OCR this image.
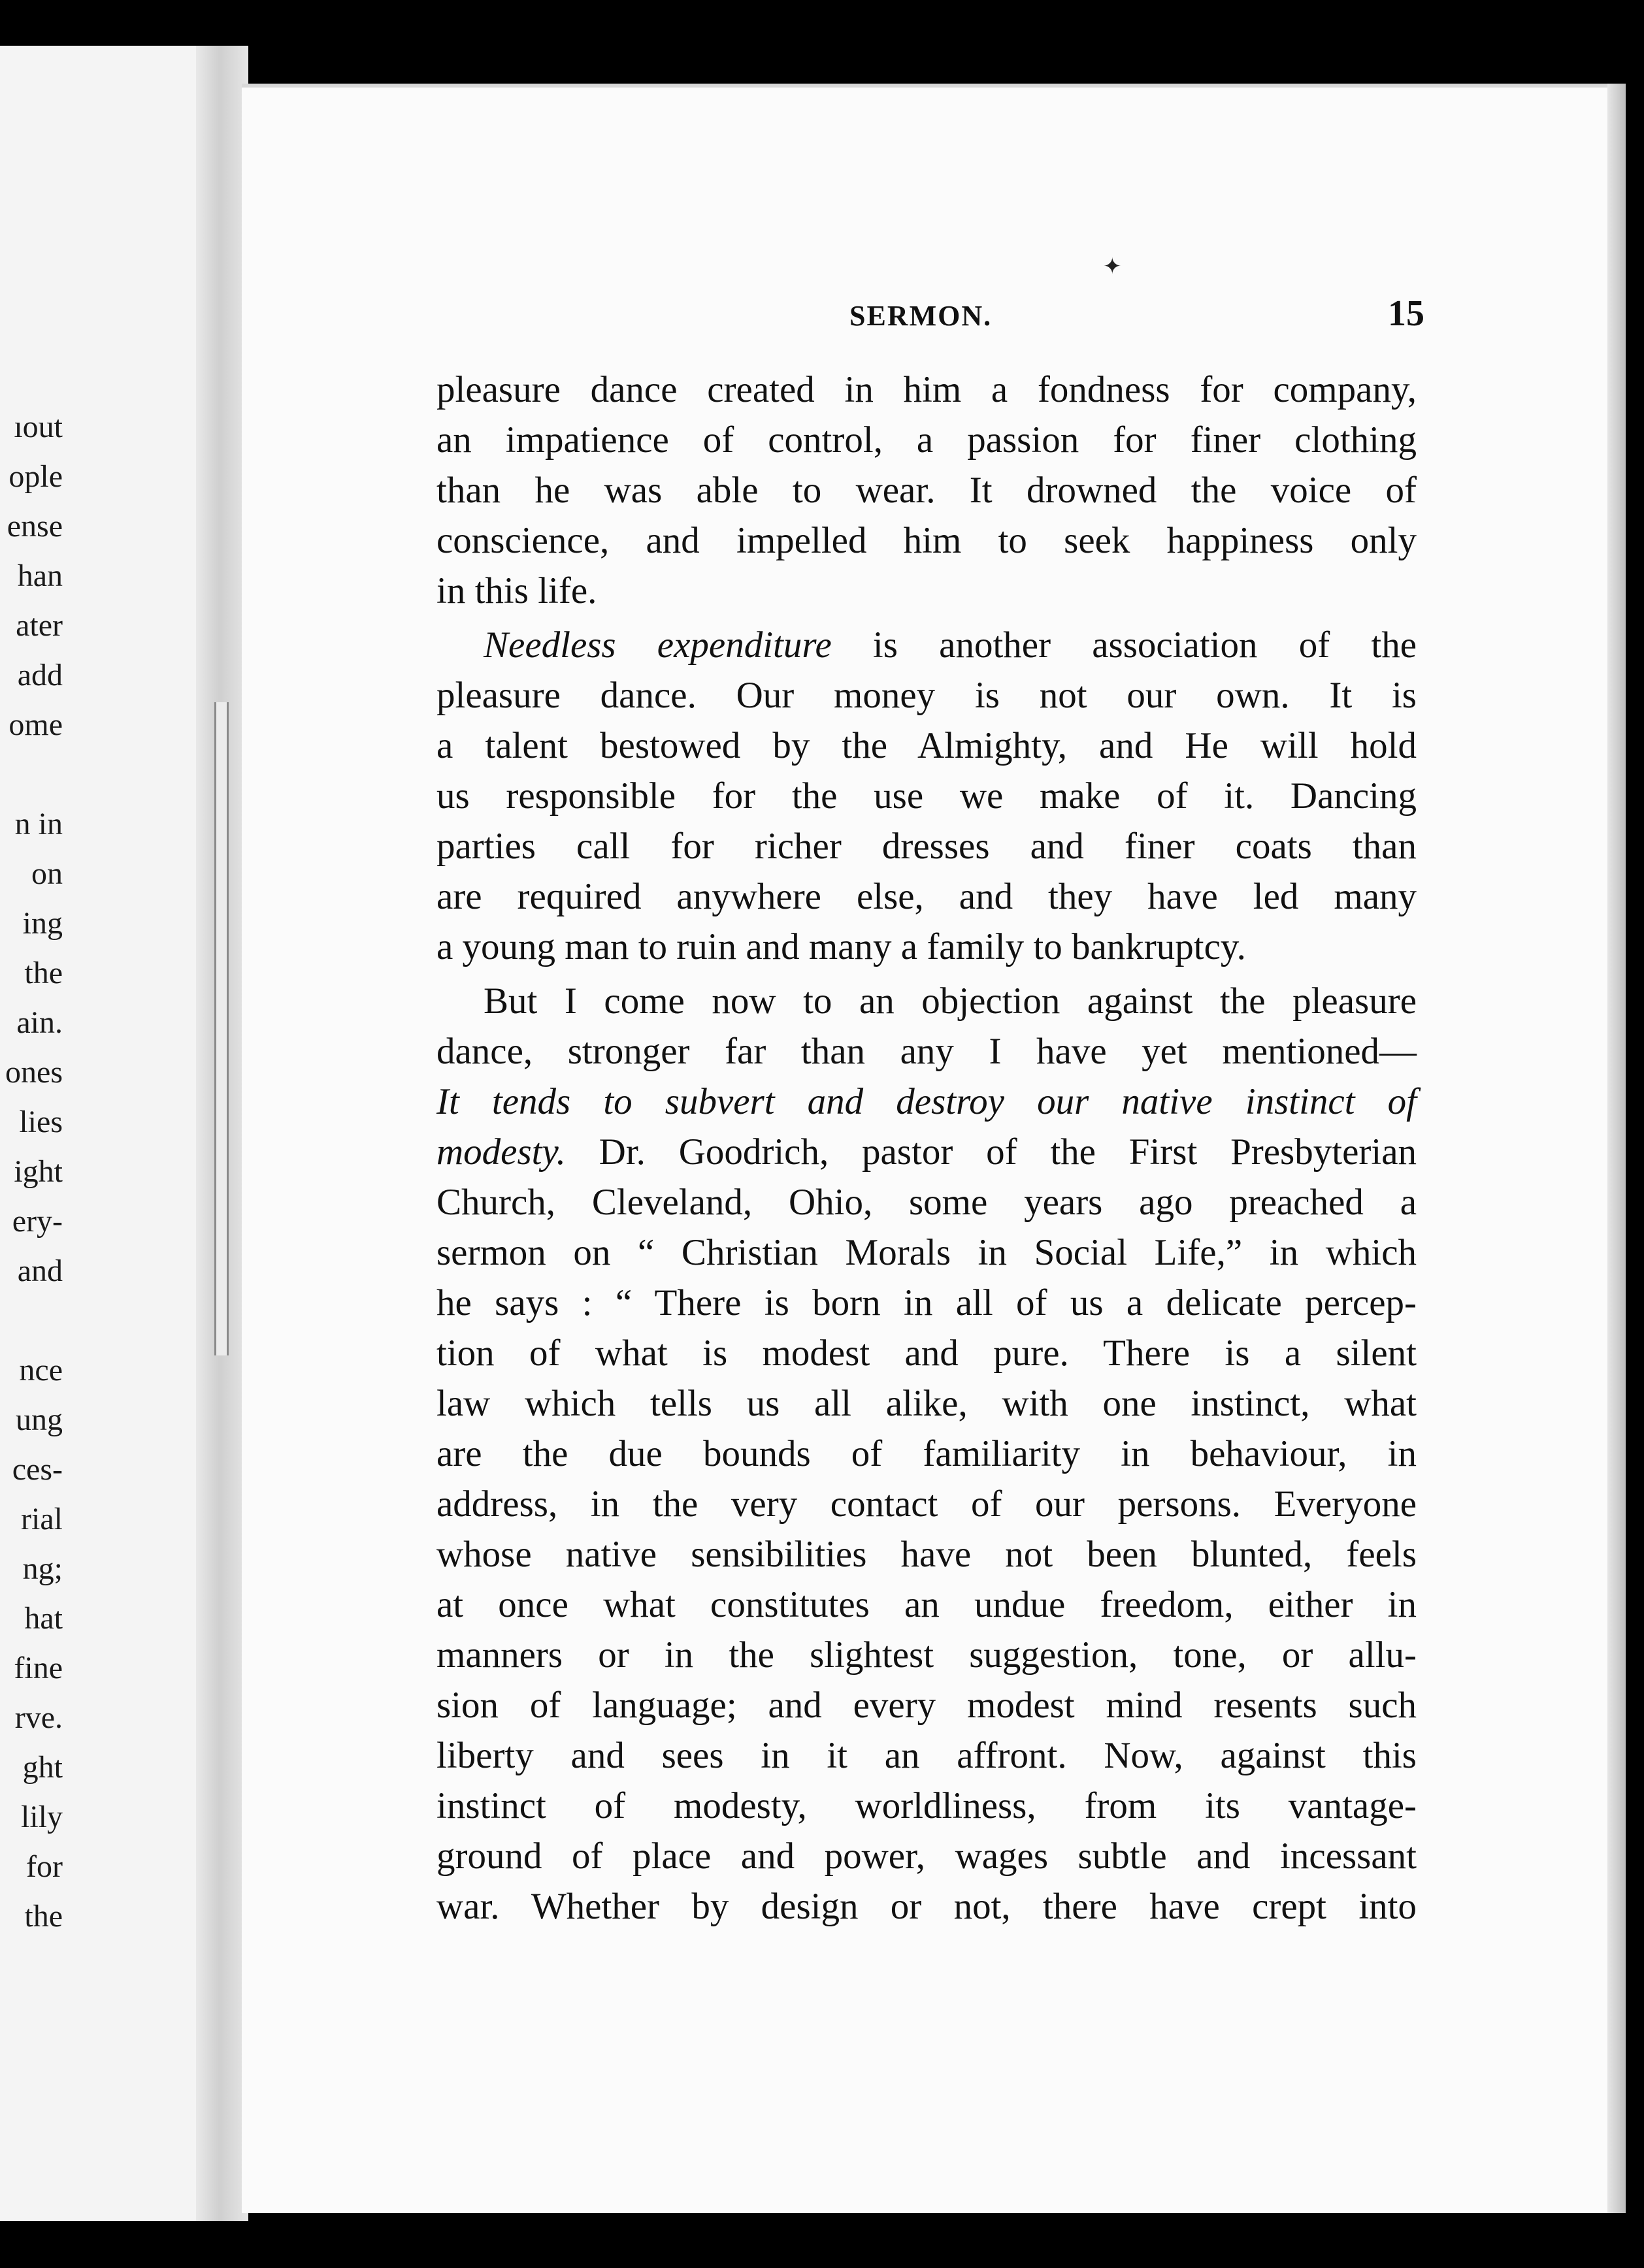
ıout
ople
ense
han
ater
add
ome
n in
on
ing
the
ain.
ones
lies
ight
ery-
and
nce
ung
ces-
rial
ng;
hat
fine
rve.
ght
lily
for
the
✦
SERMON.	15
pleasure dance created in him a fondness for company,
an impatience of control, a passion for finer clothing
than he was able to wear. It drowned the voice of
conscience, and impelled him to seek happiness only
in this life.
Needless expenditure is another association of the
pleasure dance. Our money is not our own. It is
a talent bestowed by the Almighty, and He will hold
us responsible for the use we make of it. Dancing
parties call for richer dresses and finer coats than
are required anywhere else, and they have led many
a young man to ruin and many a family to bankruptcy.
But I come now to an objection against the pleasure
dance, stronger far than any I have yet mentioned—
It tends to subvert and destroy our native instinct of
modesty. Dr. Goodrich, pastor of the First Presbyterian
Church, Cleveland, Ohio, some years ago preached a
sermon on “ Christian Morals in Social Life,” in which
he says : “ There is born in all of us a delicate percep-
tion of what is modest and pure. There is a silent
law which tells us all alike, with one instinct, what
are the due bounds of familiarity in behaviour, in
address, in the very contact of our persons. Everyone
whose native sensibilities have not been blunted, feels
at once what constitutes an undue freedom, either in
manners or in the slightest suggestion, tone, or allu-
sion of language; and every modest mind resents such
liberty and sees in it an affront. Now, against this
instinct of modesty, worldliness, from its vantage-
ground of place and power, wages subtle and incessant
war. Whether by design or not, there have crept into
